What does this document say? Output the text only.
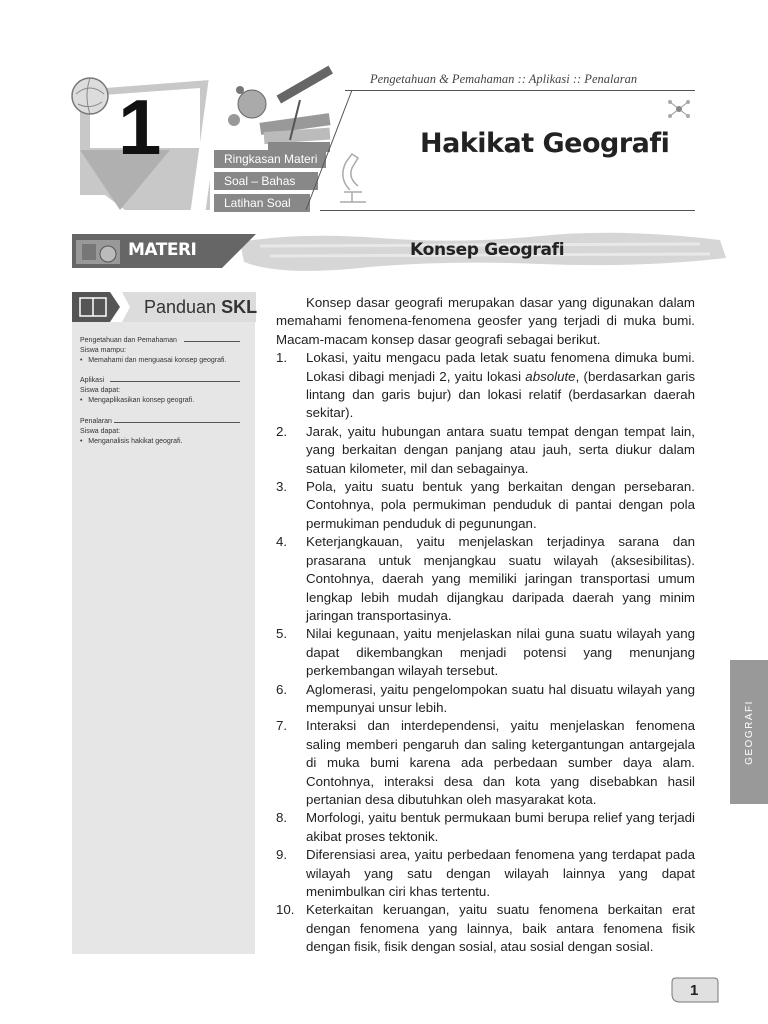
1	Ringkasan Materi
Soal – Bahas
Latihan Soal
Pengetahuan & Pemahaman :: Aplikasi :: Penalaran
Hakikat Geografi
MATERI	Konsep Geografi
Pengetahuan dan Pemahaman
Siswa mampu:
•   Memahami dan menguasai konsep geografi.
Aplikasi
Siswa dapat:
•   Mengaplikasikan konsep geografi.
Penalaran
Siswa dapat:
•   Menganalisis hakikat geografi.
Panduan SKL	Konsep dasar geografi merupakan dasar yang digunakan dalam memahami fenomena-fenomena geosfer yang terjadi di muka bumi. Macam-macam konsep dasar geografi sebagai berikut.

1. Lokasi, yaitu mengacu pada letak suatu fenomena dimuka bumi. Lokasi dibagi menjadi 2, yaitu lokasi absolute, (berdasarkan garis lintang dan garis bujur) dan lokasi relatif (berdasarkan daerah sekitar).
2. Jarak, yaitu hubungan antara suatu tempat dengan tempat lain, yang berkaitan dengan panjang atau jauh, serta diukur dalam satuan kilometer, mil dan sebagainya.
3. Pola, yaitu suatu bentuk yang berkaitan dengan persebaran. Contohnya, pola permukiman penduduk di pantai dengan pola permukiman penduduk di pegunungan.
4. Keterjangkauan, yaitu menjelaskan terjadinya sarana dan prasarana untuk menjangkau suatu wilayah (aksesibilitas). Contohnya, daerah yang memiliki jaringan transportasi umum lengkap lebih mudah dijangkau daripada daerah yang minim jaringan transportasinya.
5. Nilai kegunaan, yaitu menjelaskan nilai guna suatu wilayah yang dapat dikembangkan menjadi potensi yang menunjang perkembangan wilayah tersebut.
6. Aglomerasi, yaitu pengelompokan suatu hal disuatu wilayah yang mempunyai unsur lebih.
7. Interaksi dan interdependensi, yaitu menjelaskan fenomena saling memberi pengaruh dan saling ketergantungan antargejala di muka bumi karena ada perbedaan sumber daya alam. Contohnya, interaksi desa dan kota yang disebabkan hasil pertanian desa dibutuhkan oleh masyarakat kota.
8. Morfologi, yaitu bentuk permukaan bumi berupa relief yang terjadi akibat proses tektonik.
9. Diferensiasi area, yaitu perbedaan fenomena yang terdapat pada wilayah yang satu dengan wilayah lainnya yang dapat menimbulkan ciri khas tertentu.
10. Keterkaitan keruangan, yaitu suatu fenomena berkaitan erat dengan fenomena yang lainnya, baik antara fenomena fisik dengan fisik, fisik dengan sosial, atau sosial dengan sosial.
GEOGRAFI
1
